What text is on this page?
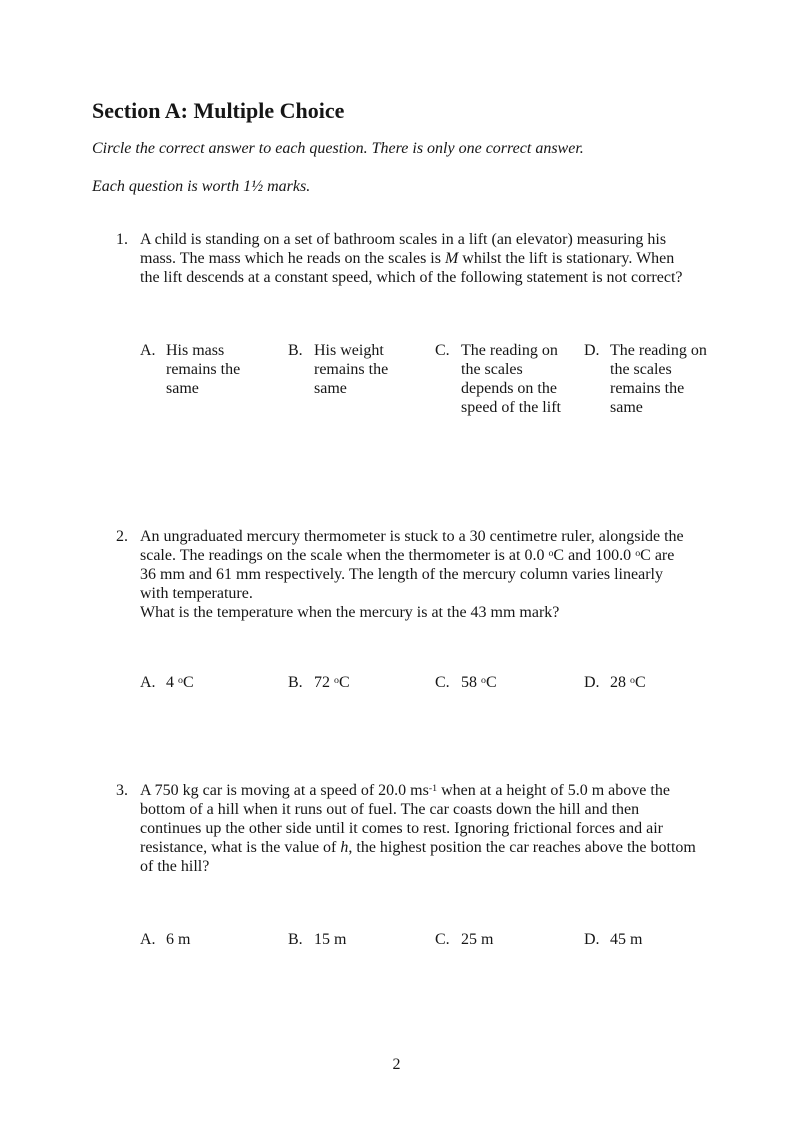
Section A: Multiple Choice
Circle the correct answer to each question. There is only one correct answer.
Each question is worth 1½ marks.
1. A child is standing on a set of bathroom scales in a lift (an elevator) measuring his
mass. The mass which he reads on the scales is M whilst the lift is stationary. When
the lift descends at a constant speed, which of the following statement is not correct?
A. His mass
remains the
same
B. His weight
remains the
same
C. The reading on
the scales
depends on the
speed of the lift
D. The reading on
the scales
remains the
same
2. An ungraduated mercury thermometer is stuck to a 30 centimetre ruler, alongside the
scale. The readings on the scale when the thermometer is at 0.0 $^o$C and 100.0 $^o$C are
36 mm and 61 mm respectively. The length of the mercury column varies linearly
with temperature.
What is the temperature when the mercury is at the 43 mm mark?
A. 4 $^o$C	B. 72 $^o$C	C. 58 $^o$C	D. 28 $^o$C
3. A 750 kg car is moving at a speed of 20.0 $ms^{-1}$ when at a height of 5.0 m above the
bottom of a hill when it runs out of fuel. The car coasts down the hill and then
continues up the other side until it comes to rest. Ignoring frictional forces and air
resistance, what is the value of h, the highest position the car reaches above the bottom
of the hill?
A. 6 m	B. 15 m	C. 25 m	D. 45 m
2
